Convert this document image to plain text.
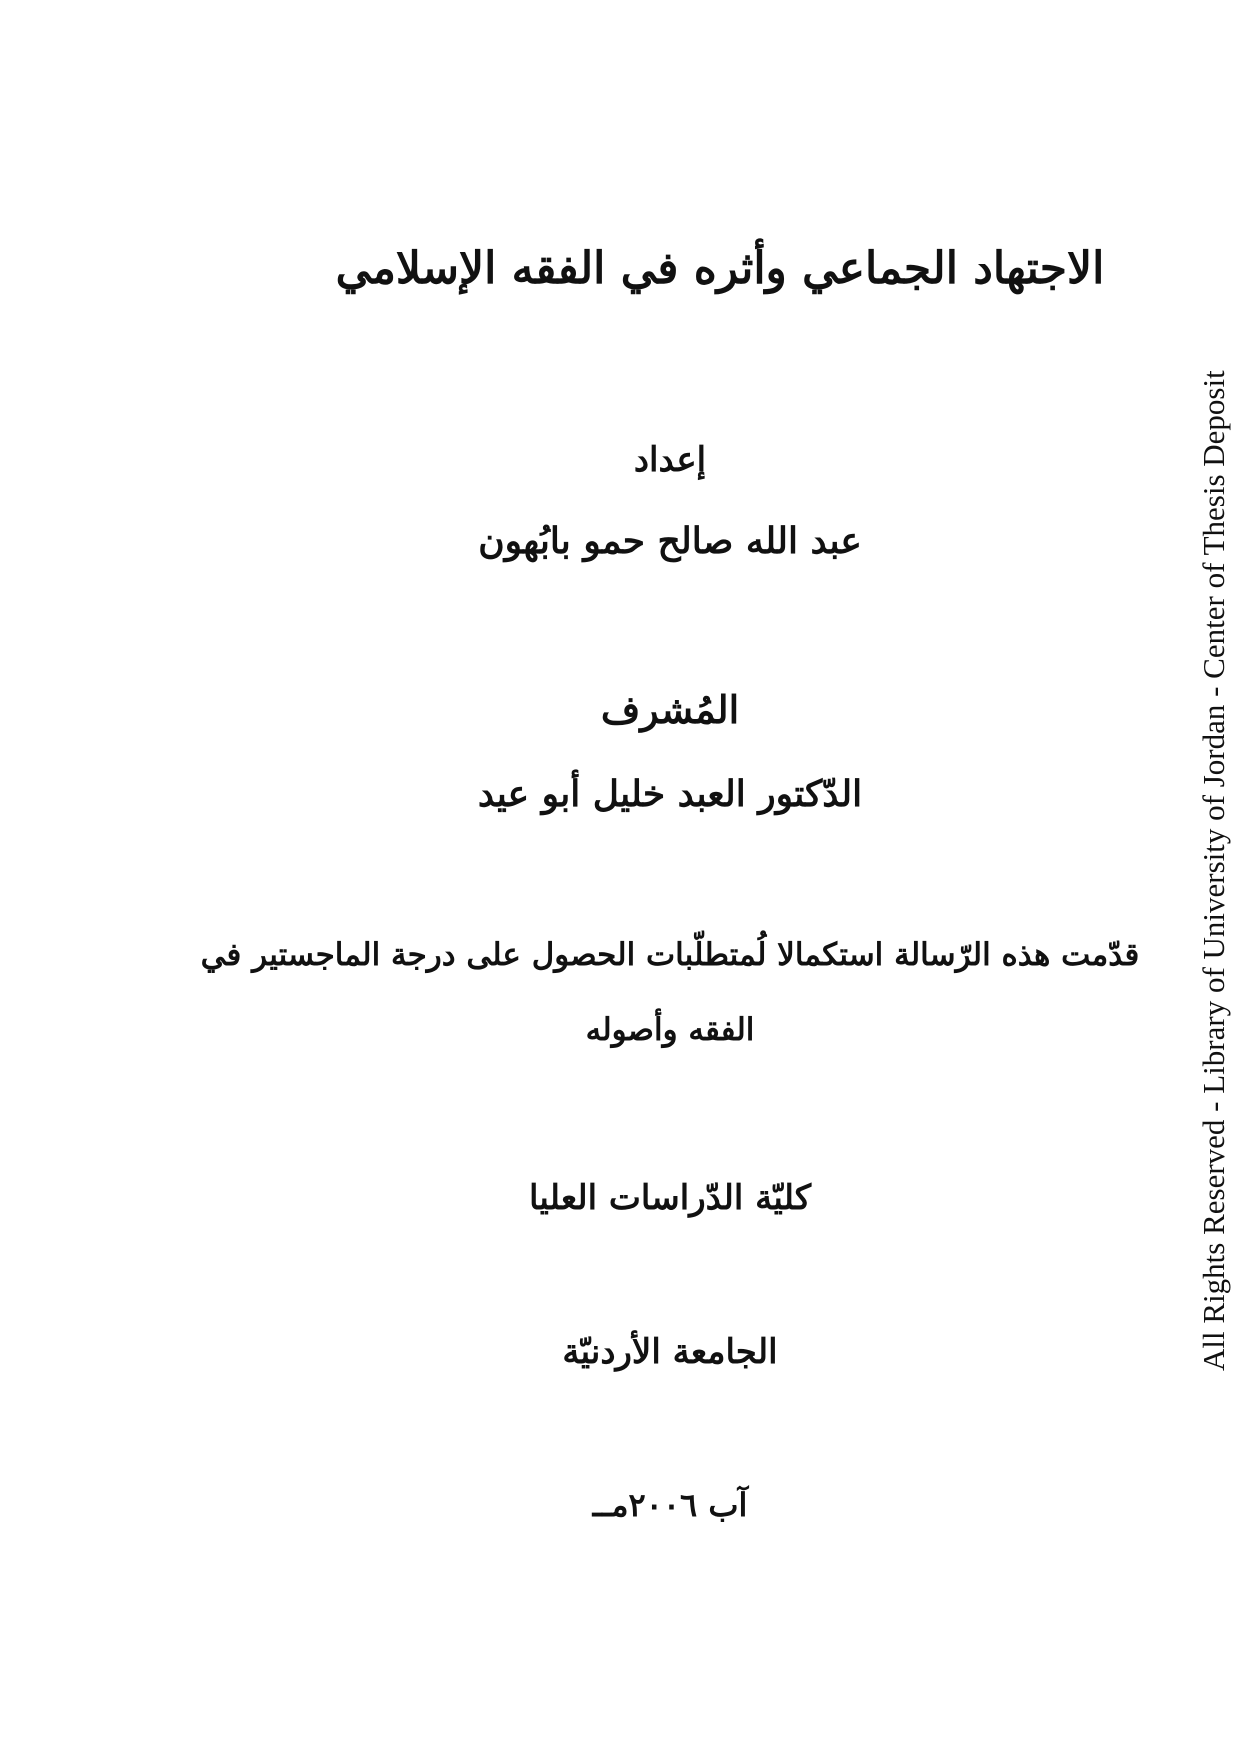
الاجتهاد الجماعي وأثره في الفقه الإسلامي
إعداد
عبد الله صالح حمو بابُهون
المُشرف
الدّكتور العبد خليل أبو عيد
قدّمت هذه الرّسالة استكمالا لُمتطلّبات الحصول على درجة الماجستير في
الفقه وأصوله
كليّة الدّراسات العليا
الجامعة الأردنيّة
آب ٢٠٠٦مــ
All Rights Reserved - Library of University of Jordan - Center of Thesis Deposit
